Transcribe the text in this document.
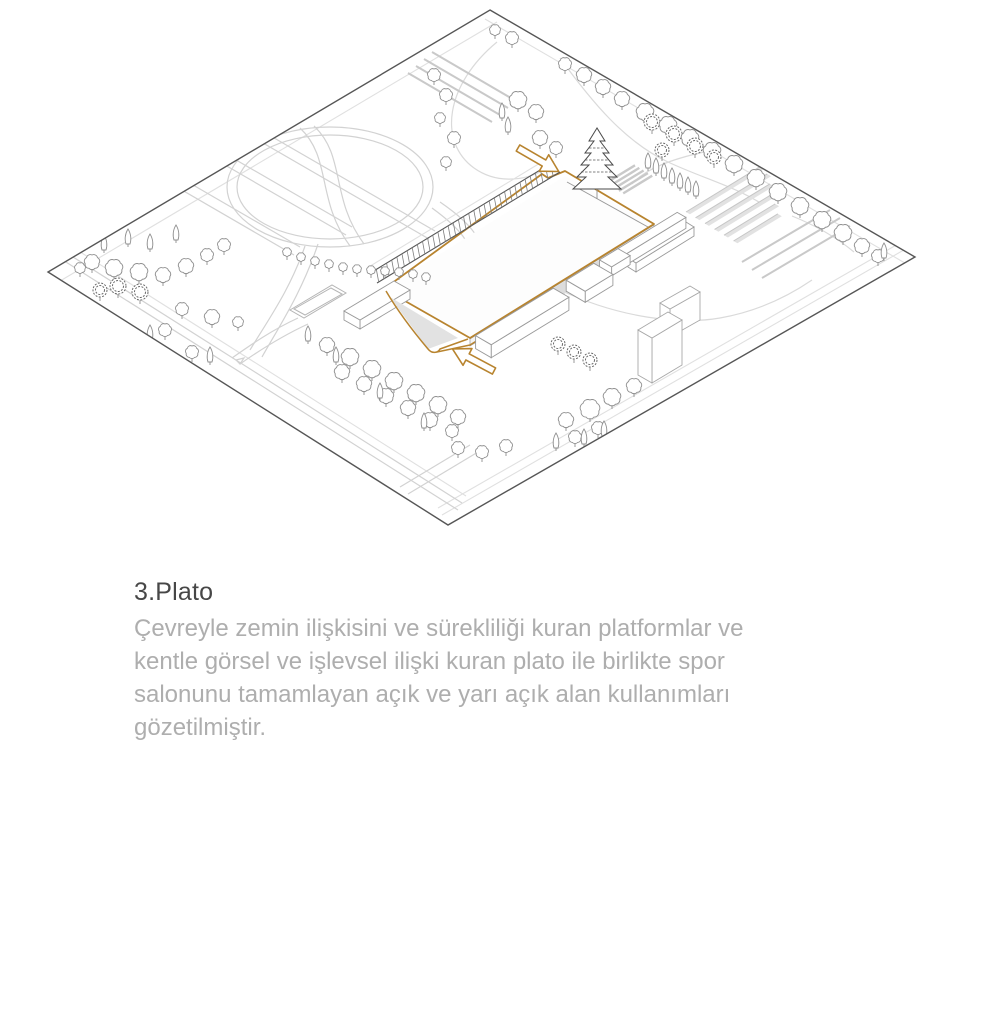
3.Plato
Çevreyle zemin ilişkisini ve sürekliliği kuran platformlar ve
kentle görsel ve işlevsel ilişki kuran plato ile birlikte spor
salonunu tamamlayan açık ve yarı açık alan kullanımları
gözetilmiştir.
